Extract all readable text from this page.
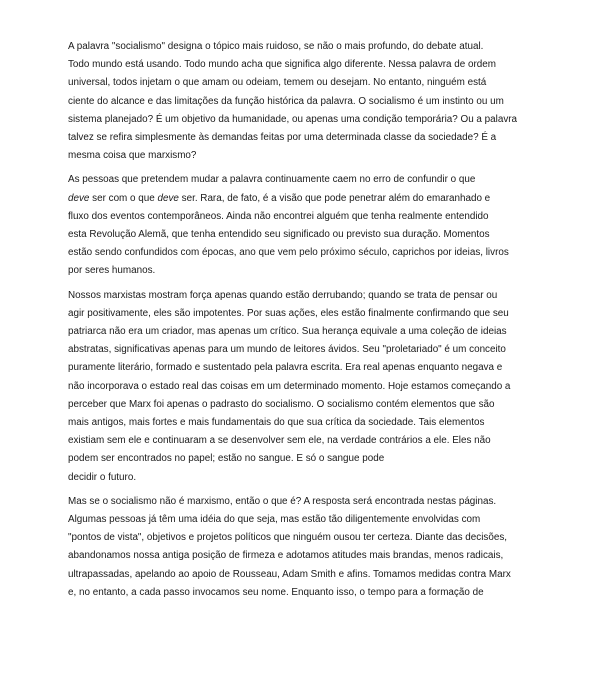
A palavra "socialismo" designa o tópico mais ruidoso, se não o mais profundo, do debate atual.
Todo mundo está usando. Todo mundo acha que significa algo diferente. Nessa palavra de ordem
universal, todos injetam o que amam ou odeiam, temem ou desejam. No entanto, ninguém está
ciente do alcance e das limitações da função histórica da palavra. O socialismo é um instinto ou um
sistema planejado? É um objetivo da humanidade, ou apenas uma condição temporária? Ou a palavra
talvez se refira simplesmente às demandas feitas por uma determinada classe da sociedade? É a
mesma coisa que marxismo?

As pessoas que pretendem mudar a palavra continuamente caem no erro de confundir o que
deve ser com o que deve ser. Rara, de fato, é a visão que pode penetrar além do emaranhado e
fluxo dos eventos contemporâneos. Ainda não encontrei alguém que tenha realmente entendido
esta Revolução Alemã, que tenha entendido seu significado ou previsto sua duração. Momentos
estão sendo confundidos com épocas, ano que vem pelo próximo século, caprichos por ideias, livros
por seres humanos.

Nossos marxistas mostram força apenas quando estão derrubando; quando se trata de pensar ou
agir positivamente, eles são impotentes. Por suas ações, eles estão finalmente confirmando que seu
patriarca não era um criador, mas apenas um crítico. Sua herança equivale a uma coleção de ideias
abstratas, significativas apenas para um mundo de leitores ávidos. Seu "proletariado" é um conceito
puramente literário, formado e sustentado pela palavra escrita. Era real apenas enquanto negava e
não incorporava o estado real das coisas em um determinado momento. Hoje estamos começando a
perceber que Marx foi apenas o padrasto do socialismo. O socialismo contém elementos que são
mais antigos, mais fortes e mais fundamentais do que sua crítica da sociedade. Tais elementos
existiam sem ele e continuaram a se desenvolver sem ele, na verdade contrários a ele. Eles não
podem ser encontrados no papel; estão no sangue. E só o sangue pode
decidir o futuro.

Mas se o socialismo não é marxismo, então o que é? A resposta será encontrada nestas páginas.
Algumas pessoas já têm uma idéia do que seja, mas estão tão diligentemente envolvidas com
"pontos de vista", objetivos e projetos políticos que ninguém ousou ter certeza. Diante das decisões,
abandonamos nossa antiga posição de firmeza e adotamos atitudes mais brandas, menos radicais,
ultrapassadas, apelando ao apoio de Rousseau, Adam Smith e afins. Tomamos medidas contra Marx
e, no entanto, a cada passo invocamos seu nome. Enquanto isso, o tempo para a formação de
